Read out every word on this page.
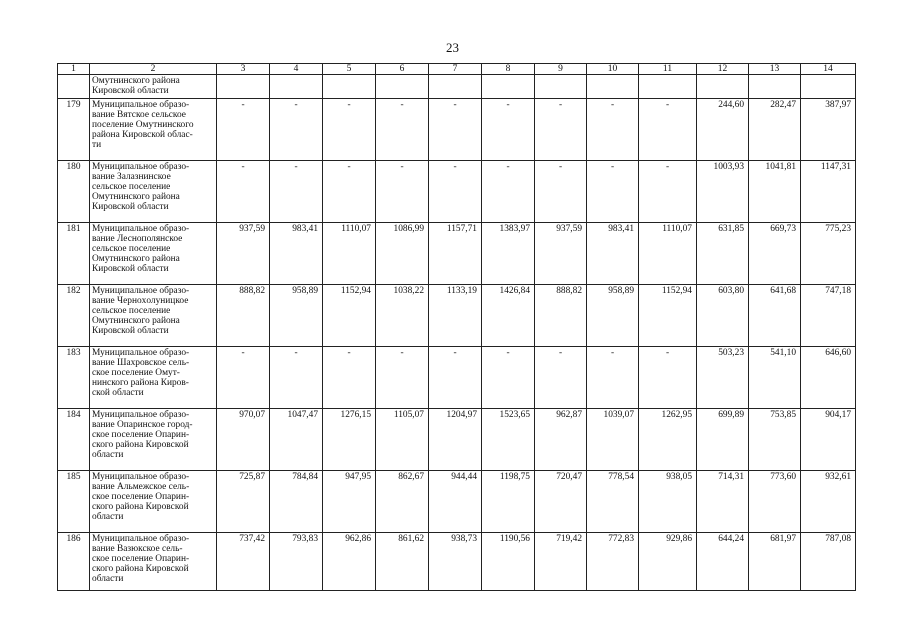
23
1	2	3	4	5	6	7	8	9	10	11	12	13	14
	Омутнинского района
Кировской области												
179	Муниципальное образо-
вание Вятское сельское
поселение Омутнинского
района Кировской облас-
ти	-	-	-	-	-	-	-	-	-	244,60	282,47	387,97
180	Муниципальное образо-
вание Залазнинское
сельское поселение
Омутнинского района
Кировской области	-	-	-	-	-	-	-	-	-	1003,93	1041,81	1147,31
181	Муниципальное образо-
вание Леснополянское
сельское поселение
Омутнинского района
Кировской области	937,59	983,41	1110,07	1086,99	1157,71	1383,97	937,59	983,41	1110,07	631,85	669,73	775,23
182	Муниципальное образо-
вание Черноxолуницкое
сельское поселение
Омутнинского района
Кировской области	888,82	958,89	1152,94	1038,22	1133,19	1426,84	888,82	958,89	1152,94	603,80	641,68	747,18
183	Муниципальное образо-
вание Шахровское сель-
ское поселение Омут-
нинского района Киров-
ской области	-	-	-	-	-	-	-	-	-	503,23	541,10	646,60
184	Муниципальное образо-
вание Опаринское город-
ское поселение Опарин-
ского района Кировской
области	970,07	1047,47	1276,15	1105,07	1204,97	1523,65	962,87	1039,07	1262,95	699,89	753,85	904,17
185	Муниципальное образо-
вание Альмежское сель-
ское поселение Опарин-
ского района Кировской
области	725,87	784,84	947,95	862,67	944,44	1198,75	720,47	778,54	938,05	714,31	773,60	932,61
186	Муниципальное образо-
вание Вазюкское сель-
ское поселение Опарин-
ского района Кировской
области	737,42	793,83	962,86	861,62	938,73	1190,56	719,42	772,83	929,86	644,24	681,97	787,08
